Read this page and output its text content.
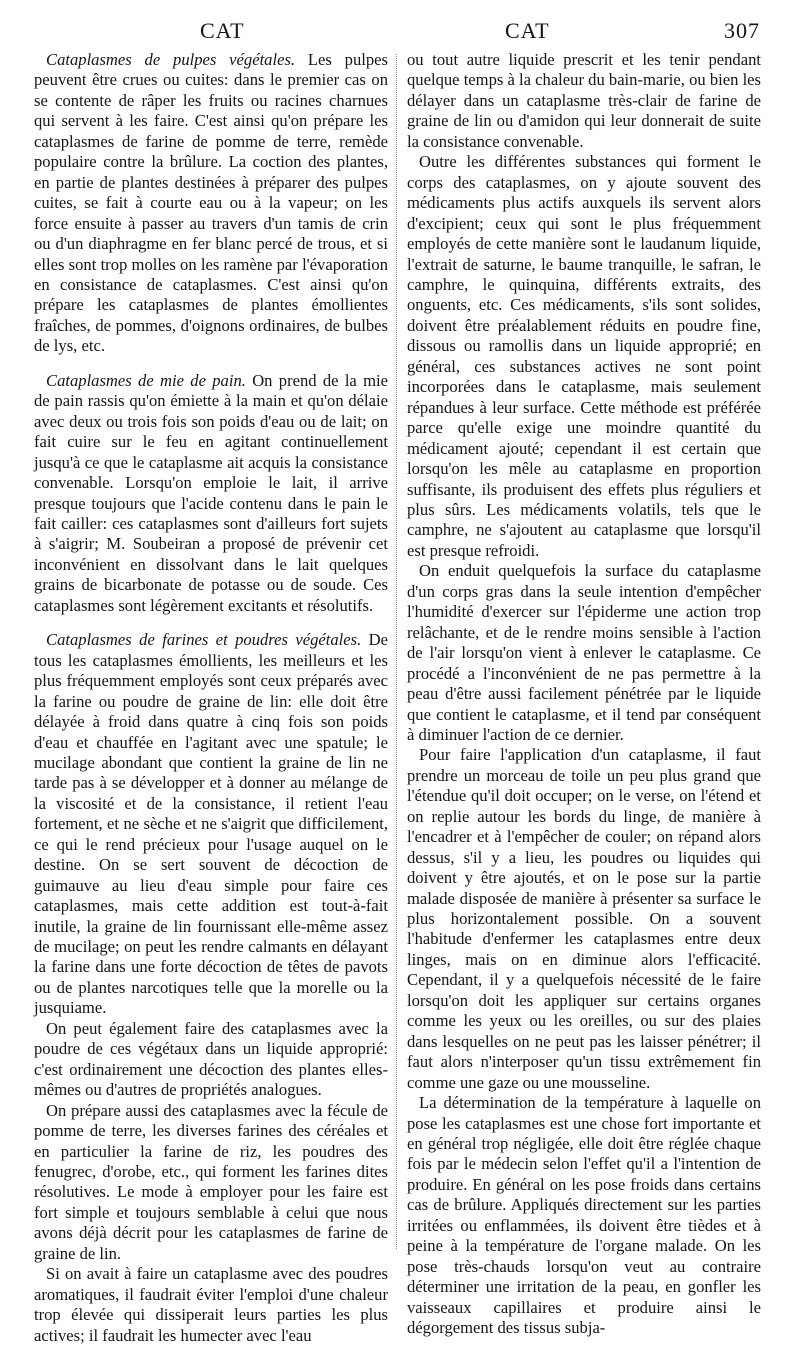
CAT	CAT	307

Cataplasmes de pulpes végétales. Les pulpes peuvent être crues ou cuites: dans le premier cas on se contente de râper les fruits ou racines charnues qui servent à les faire. C'est ainsi qu'on prépare les cataplasmes de farine de pomme de terre, remède populaire contre la brûlure. La coction des plantes, en partie de plantes destinées à préparer des pulpes cuites, se fait à courte eau ou à la vapeur; on les force ensuite à passer au travers d'un tamis de crin ou d'un diaphragme en fer blanc percé de trous, et si elles sont trop molles on les ramène par l'évaporation en consistance de cataplasmes. C'est ainsi qu'on prépare les cataplasmes de plantes émollientes fraîches, de pommes, d'oignons ordinaires, de bulbes de lys, etc.

Cataplasmes de mie de pain. On prend de la mie de pain rassis qu'on émiette à la main et qu'on délaie avec deux ou trois fois son poids d'eau ou de lait; on fait cuire sur le feu en agitant continuellement jusqu'à ce que le cataplasme ait acquis la consistance convenable. Lorsqu'on emploie le lait, il arrive presque toujours que l'acide contenu dans le pain le fait cailler: ces cataplasmes sont d'ailleurs fort sujets à s'aigrir; M. Soubeiran a proposé de prévenir cet inconvénient en dissolvant dans le lait quelques grains de bicarbonate de potasse ou de soude. Ces cataplasmes sont légèrement excitants et résolutifs.

Cataplasmes de farines et poudres végétales. De tous les cataplasmes émollients, les meilleurs et les plus fréquemment employés sont ceux préparés avec la farine ou poudre de graine de lin: elle doit être délayée à froid dans quatre à cinq fois son poids d'eau et chauffée en l'agitant avec une spatule; le mucilage abondant que contient la graine de lin ne tarde pas à se développer et à donner au mélange de la viscosité et de la consistance, il retient l'eau fortement, et ne sèche et ne s'aigrit que difficilement, ce qui le rend précieux pour l'usage auquel on le destine. On se sert souvent de décoction de guimauve au lieu d'eau simple pour faire ces cataplasmes, mais cette addition est tout-à-fait inutile, la graine de lin fournissant elle-même assez de mucilage; on peut les rendre calmants en délayant la farine dans une forte décoction de têtes de pavots ou de plantes narcotiques telle que la morelle ou la jusquiame.

On peut également faire des cataplasmes avec la poudre de ces végétaux dans un liquide approprié: c'est ordinairement une décoction des plantes elles-mêmes ou d'autres de propriétés analogues.

On prépare aussi des cataplasmes avec la fécule de pomme de terre, les diverses farines des céréales et en particulier la farine de riz, les poudres des fenugrec, d'orobe, etc., qui forment les farines dites résolutives. Le mode à employer pour les faire est fort simple et toujours semblable à celui que nous avons déjà décrit pour les cataplasmes de farine de graine de lin.

Si on avait à faire un cataplasme avec des poudres aromatiques, il faudrait éviter l'emploi d'une chaleur trop élevée qui dissiperait leurs parties les plus actives; il faudrait les humecter avec l'eau

ou tout autre liquide prescrit et les tenir pendant quelque temps à la chaleur du bain-marie, ou bien les délayer dans un cataplasme très-clair de farine de graine de lin ou d'amidon qui leur donnerait de suite la consistance convenable.

Outre les différentes substances qui forment le corps des cataplasmes, on y ajoute souvent des médicaments plus actifs auxquels ils servent alors d'excipient; ceux qui sont le plus fréquemment employés de cette manière sont le laudanum liquide, l'extrait de saturne, le baume tranquille, le safran, le camphre, le quinquina, différents extraits, des onguents, etc. Ces médicaments, s'ils sont solides, doivent être préalablement réduits en poudre fine, dissous ou ramollis dans un liquide approprié; en général, ces substances actives ne sont point incorporées dans le cataplasme, mais seulement répandues à leur surface. Cette méthode est préférée parce qu'elle exige une moindre quantité du médicament ajouté; cependant il est certain que lorsqu'on les mêle au cataplasme en proportion suffisante, ils produisent des effets plus réguliers et plus sûrs. Les médicaments volatils, tels que le camphre, ne s'ajoutent au cataplasme que lorsqu'il est presque refroidi.

On enduit quelquefois la surface du cataplasme d'un corps gras dans la seule intention d'empêcher l'humidité d'exercer sur l'épiderme une action trop relâchante, et de le rendre moins sensible à l'action de l'air lorsqu'on vient à enlever le cataplasme. Ce procédé a l'inconvénient de ne pas permettre à la peau d'être aussi facilement pénétrée par le liquide que contient le cataplasme, et il tend par conséquent à diminuer l'action de ce dernier.

Pour faire l'application d'un cataplasme, il faut prendre un morceau de toile un peu plus grand que l'étendue qu'il doit occuper; on le verse, on l'étend et on replie autour les bords du linge, de manière à l'encadrer et à l'empêcher de couler; on répand alors dessus, s'il y a lieu, les poudres ou liquides qui doivent y être ajoutés, et on le pose sur la partie malade disposée de manière à présenter sa surface le plus horizontalement possible. On a souvent l'habitude d'enfermer les cataplasmes entre deux linges, mais on en diminue alors l'efficacité. Cependant, il y a quelquefois nécessité de le faire lorsqu'on doit les appliquer sur certains organes comme les yeux ou les oreilles, ou sur des plaies dans lesquelles on ne peut pas les laisser pénétrer; il faut alors n'interposer qu'un tissu extrêmement fin comme une gaze ou une mousseline.

La détermination de la température à laquelle on pose les cataplasmes est une chose fort importante et en général trop négligée, elle doit être réglée chaque fois par le médecin selon l'effet qu'il a l'intention de produire. En général on les pose froids dans certains cas de brûlure. Appliqués directement sur les parties irritées ou enflammées, ils doivent être tièdes et à peine à la température de l'organe malade. On les pose très-chauds lorsqu'on veut au contraire déterminer une irritation de la peau, en gonfler les vaisseaux capillaires et produire ainsi le dégorgement des tissus subja-
